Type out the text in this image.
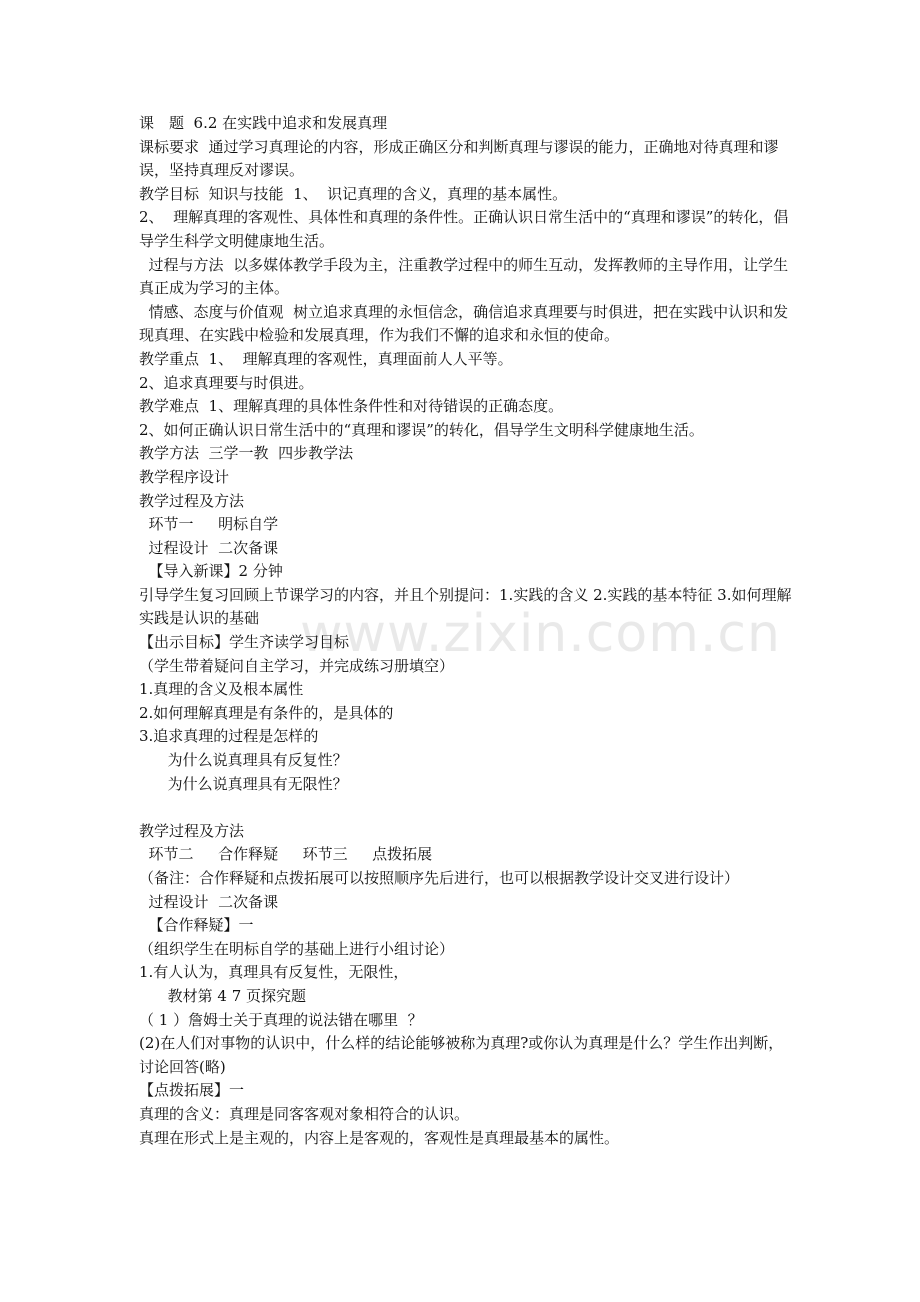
www.zixin.com.cn

课　题  6.2 在实践中追求和发展真理

课标要求  通过学习真理论的内容，形成正确区分和判断真理与谬误的能力，正确地对待真理和谬误，坚持真理反对谬误。

教学目标  知识与技能  1、  识记真理的含义，真理的基本属性。

2、  理解真理的客观性、具体性和真理的条件性。正确认识日常生活中的“真理和谬误”的转化，倡导学生科学文明健康地生活。

过程与方法  以多媒体教学手段为主，注重教学过程中的师生互动，发挥教师的主导作用，让学生　真正成为学习的主体。

情感、态度与价值观  树立追求真理的永恒信念，确信追求真理要与时俱进，把在实践中认识和发现真理、在实践中检验和发展真理，作为我们不懈的追求和永恒的使命。

教学重点  1、  理解真理的客观性，真理面前人人平等。

2、追求真理要与时俱进。

教学难点  1、理解真理的具体性条件性和对待错误的正确态度。

2、如何正确认识日常生活中的“真理和谬误”的转化，倡导学生文明科学健康地生活。

教学方法  三学一教  四步教学法

教学程序设计

教学过程及方法

环节一　  明标自学

过程设计  二次备课

【导入新课】2 分钟

引导学生复习回顾上节课学习的内容，并且个别提问：1.实践的含义 2.实践的基本特征 3.如何理解实践是认识的基础

【出示目标】学生齐读学习目标

（学生带着疑问自主学习，并完成练习册填空）

1.真理的含义及根本属性

2.如何理解真理是有条件的，是具体的

3.追求真理的过程是怎样的

为什么说真理具有反复性？

为什么说真理具有无限性？

教学过程及方法

环节二　  合作释疑　  环节三　  点拨拓展

（备注：合作释疑和点拨拓展可以按照顺序先后进行，也可以根据教学设计交叉进行设计）

过程设计  二次备课

【合作释疑】一

（组织学生在明标自学的基础上进行小组讨论）

1.有人认为，真理具有反复性，无限性，

教材第 4 7 页探究题

（ 1 ）詹姆士关于真理的说法错在哪里  ？

(2)在人们对事物的认识中，什么样的结论能够被称为真理?或你认为真理是什么？学生作出判断，讨论回答(略)

【点拨拓展】一

真理的含义：真理是同客客观对象相符合的认识。

真理在形式上是主观的，内容上是客观的，客观性是真理最基本的属性。
